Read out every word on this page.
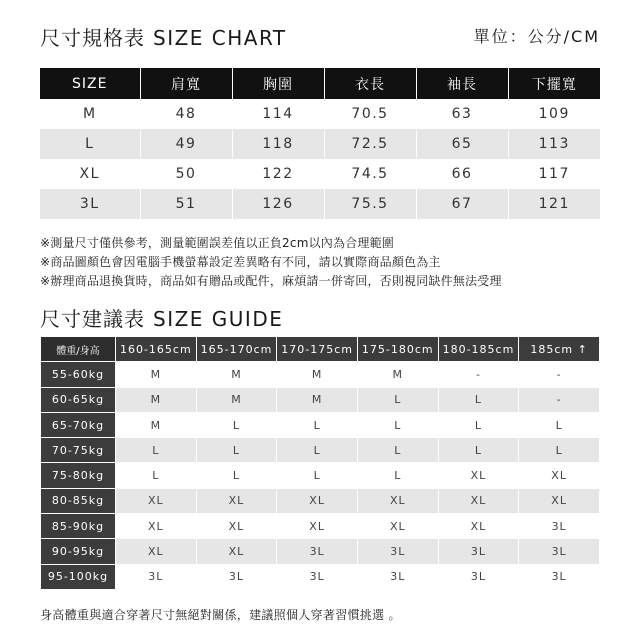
尺寸規格表 SIZE CHART	單位：公分/CM
SIZE	肩寬	胸圍	衣長	袖長	下擺寬
M	48	114	70.5	63	109
L	49	118	72.5	65	113
XL	50	122	74.5	66	117
3L	51	126	75.5	67	121
※測量尺寸僅供參考，測量範圍誤差值以正負2cm以內為合理範圍
※商品圖顏色會因電腦手機螢幕設定差異略有不同，請以實際商品顏色為主
※辦理商品退換貨時，商品如有贈品或配件，麻煩請一併寄回，否則視同缺件無法受理
尺寸建議表 SIZE GUIDE
體重/身高	160-165cm	165-170cm	170-175cm	175-180cm	180-185cm	185cm ↑
55-60kg	M	M	M	M	-	-
60-65kg	M	M	M	L	L	-
65-70kg	M	L	L	L	L	L
70-75kg	L	L	L	L	L	L
75-80kg	L	L	L	L	XL	XL
80-85kg	XL	XL	XL	XL	XL	XL
85-90kg	XL	XL	XL	XL	XL	3L
90-95kg	XL	XL	3L	3L	3L	3L
95-100kg	3L	3L	3L	3L	3L	3L
身高體重與適合穿著尺寸無絕對關係，建議照個人穿著習慣挑選 。
